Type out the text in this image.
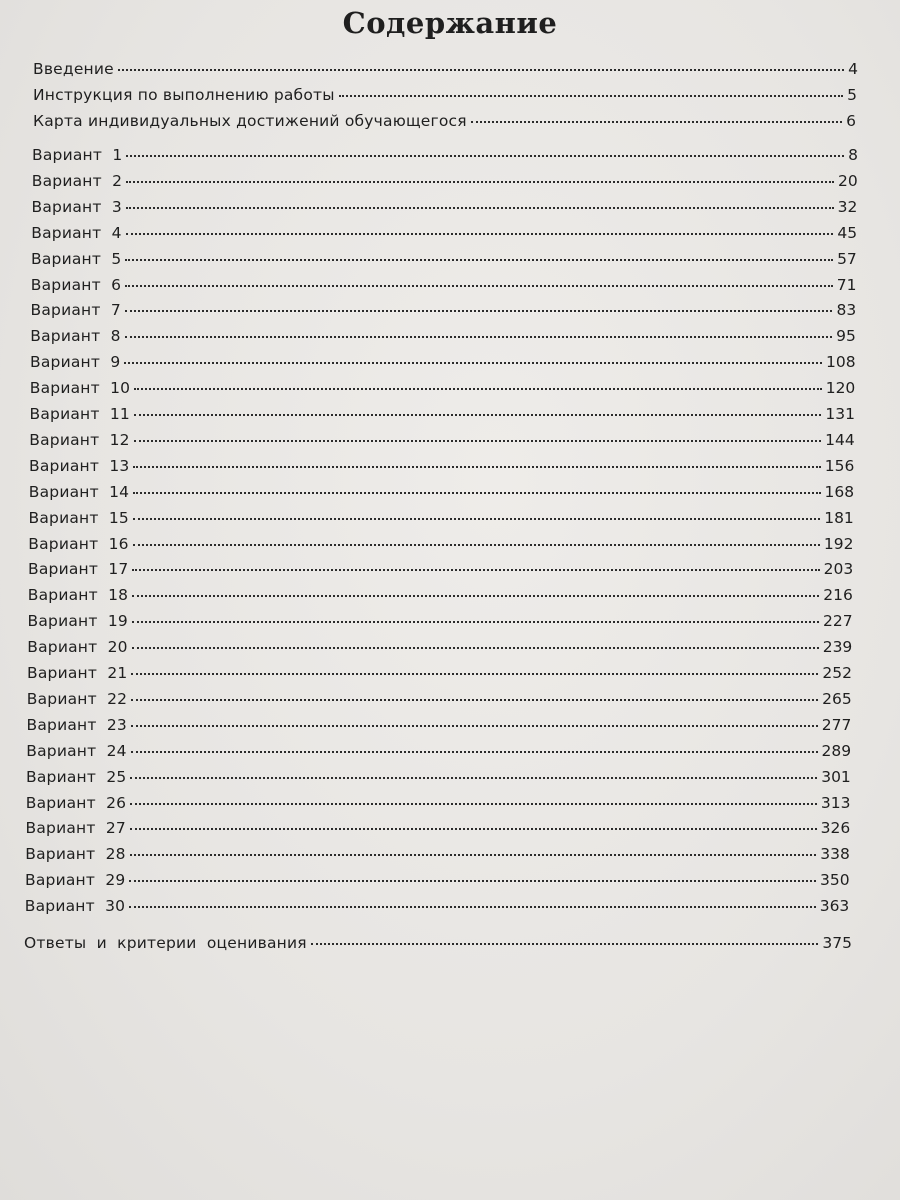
Содержание
Введение	4
Инструкция по выполнению работы	5
Карта индивидуальных достижений обучающегося	6
Вариант  1	8
Вариант  2	20
Вариант  3	32
Вариант  4	45
Вариант  5	57
Вариант  6	71
Вариант  7	83
Вариант  8	95
Вариант  9	108
Вариант  10	120
Вариант  11	131
Вариант  12	144
Вариант  13	156
Вариант  14	168
Вариант  15	181
Вариант  16	192
Вариант  17	203
Вариант  18	216
Вариант  19	227
Вариант  20	239
Вариант  21	252
Вариант  22	265
Вариант  23	277
Вариант  24	289
Вариант  25	301
Вариант  26	313
Вариант  27	326
Вариант  28	338
Вариант  29	350
Вариант  30	363
Ответы  и  критерии  оценивания	375
